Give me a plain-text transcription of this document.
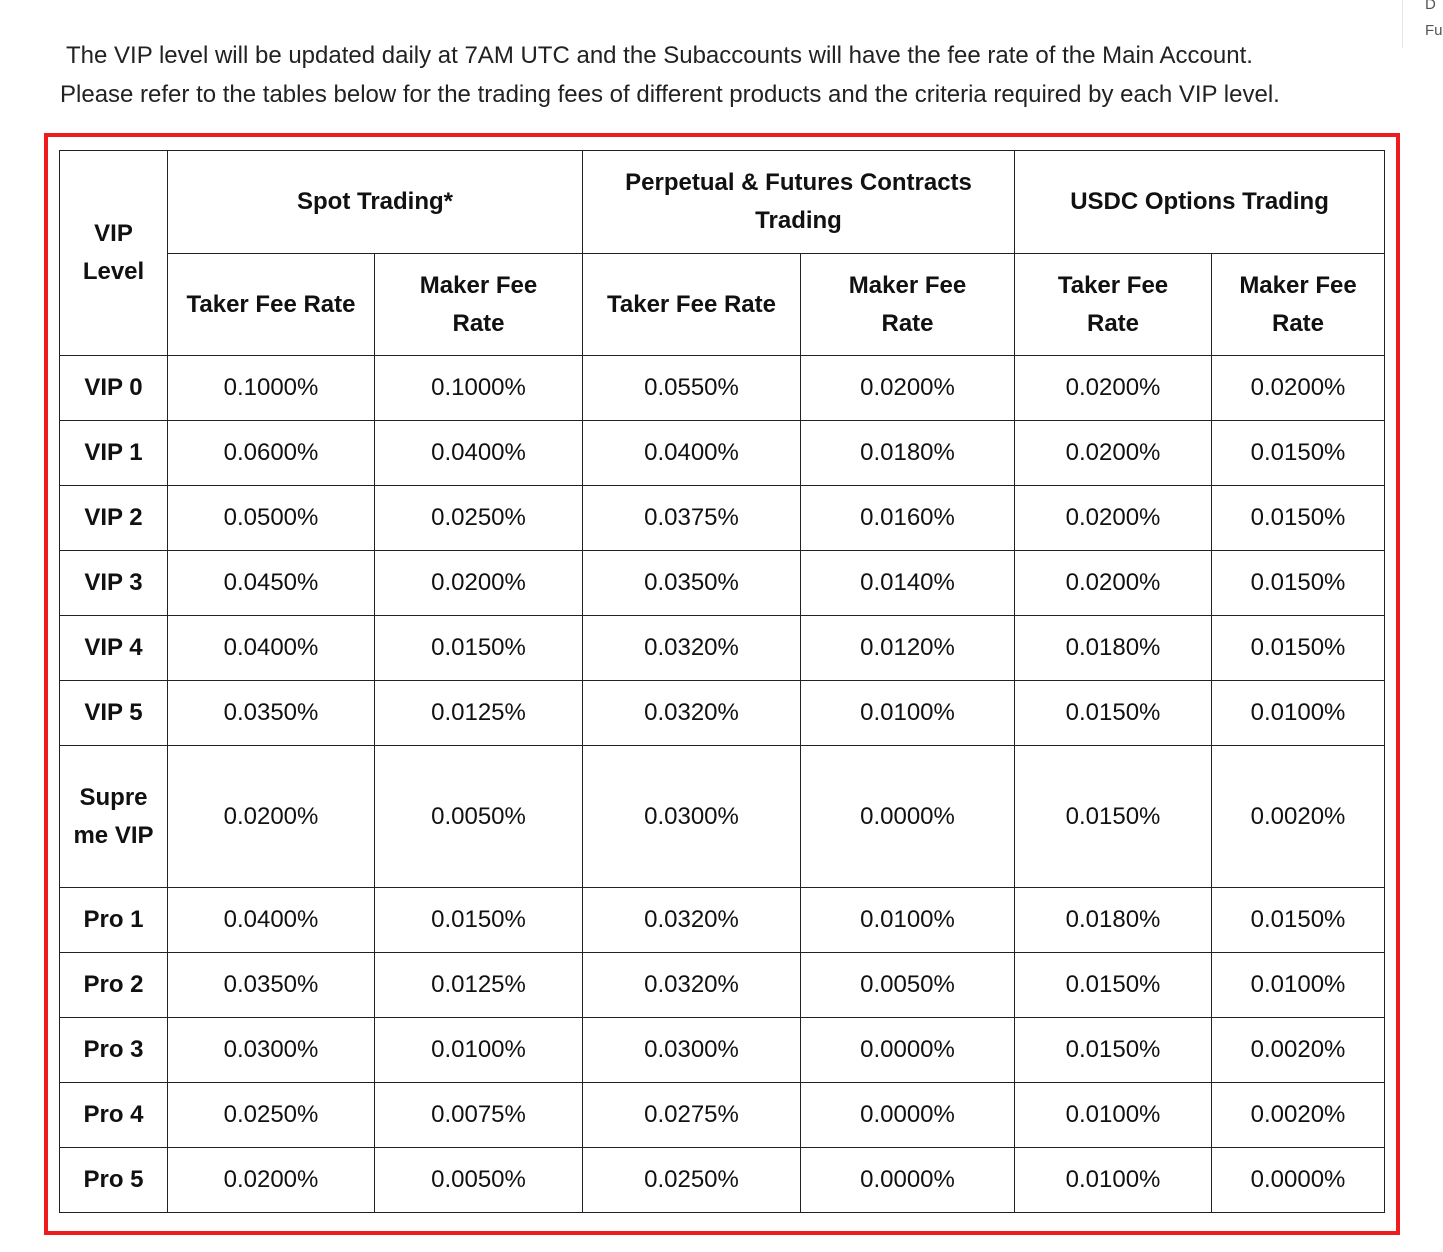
D
Fu

The VIP level will be updated daily at 7AM UTC and the Subaccounts will have the fee rate of the Main Account.

Please refer to the tables below for the trading fees of different products and the criteria required by each VIP level.

VIP Level	Spot Trading*		Perpetual & Futures Contracts Trading		USDC Options Trading	
	Taker Fee Rate	Maker Fee Rate	Taker Fee Rate	Maker Fee Rate	Taker Fee Rate	Maker Fee Rate
VIP 0	0.1000%	0.1000%	0.0550%	0.0200%	0.0200%	0.0200%
VIP 1	0.0600%	0.0400%	0.0400%	0.0180%	0.0200%	0.0150%
VIP 2	0.0500%	0.0250%	0.0375%	0.0160%	0.0200%	0.0150%
VIP 3	0.0450%	0.0200%	0.0350%	0.0140%	0.0200%	0.0150%
VIP 4	0.0400%	0.0150%	0.0320%	0.0120%	0.0180%	0.0150%
VIP 5	0.0350%	0.0125%	0.0320%	0.0100%	0.0150%	0.0100%
Supreme VIP	0.0200%	0.0050%	0.0300%	0.0000%	0.0150%	0.0020%
Pro 1	0.0400%	0.0150%	0.0320%	0.0100%	0.0180%	0.0150%
Pro 2	0.0350%	0.0125%	0.0320%	0.0050%	0.0150%	0.0100%
Pro 3	0.0300%	0.0100%	0.0300%	0.0000%	0.0150%	0.0020%
Pro 4	0.0250%	0.0075%	0.0275%	0.0000%	0.0100%	0.0020%
Pro 5	0.0200%	0.0050%	0.0250%	0.0000%	0.0100%	0.0000%
